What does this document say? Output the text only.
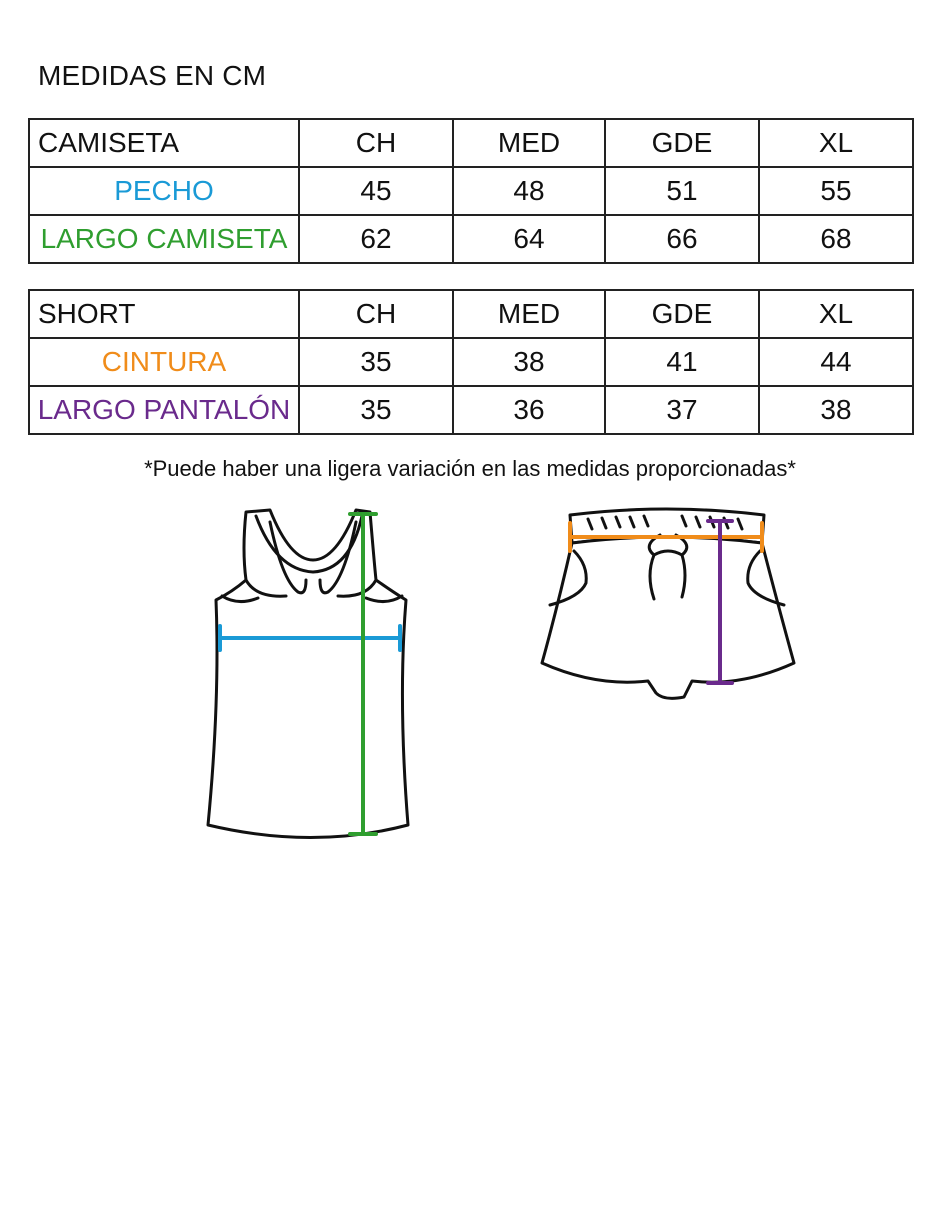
MEDIDAS EN CM
CAMISETA	CH	MED	GDE	XL
PECHO	45	48	51	55
LARGO CAMISETA	62	64	66	68
SHORT	CH	MED	GDE	XL
CINTURA	35	38	41	44
LARGO PANTALÓN	35	36	37	38
*Puede haber una ligera variación en las medidas proporcionadas*
